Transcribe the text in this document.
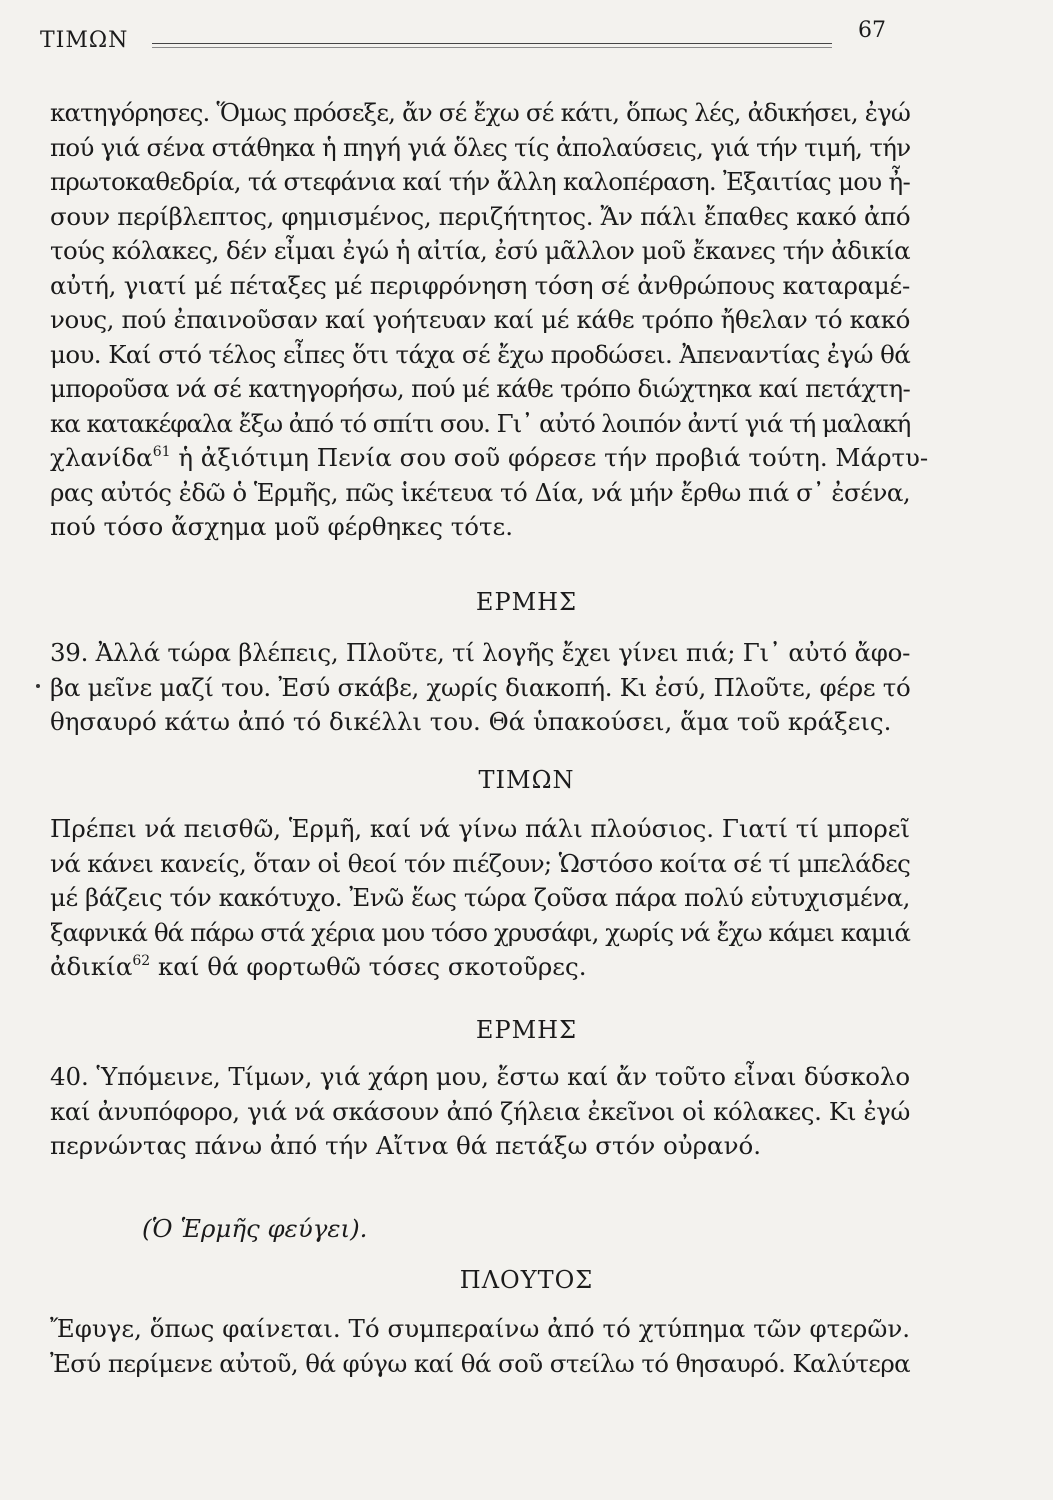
ΤΙΜΩΝ	67
κατηγόρησες. Ὅμως πρόσεξε, ἄν σέ ἔχω σέ κάτι, ὅπως λές, ἀδικήσει, ἐγώ
πού γιά σένα στάθηκα ἡ πηγή γιά ὅλες τίς ἀπολαύσεις, γιά τήν τιμή, τήν
πρωτοκαθεδρία, τά στεφάνια καί τήν ἄλλη καλοπέραση. Ἐξαιτίας μου ἦ-
σουν περίβλεπτος, φημισμένος, περιζήτητος. Ἄν πάλι ἔπαθες κακό ἀπό
τούς κόλακες, δέν εἶμαι ἐγώ ἡ αἰτία, ἐσύ μᾶλλον μοῦ ἔκανες τήν ἀδικία
αὐτή, γιατί μέ πέταξες μέ περιφρόνηση τόση σέ ἀνθρώπους καταραμέ-
νους, πού ἐπαινοῦσαν καί γοήτευαν καί μέ κάθε τρόπο ἤθελαν τό κακό
μου. Καί στό τέλος εἶπες ὅτι τάχα σέ ἔχω προδώσει. Ἀπεναντίας ἐγώ θά
μποροῦσα νά σέ κατηγορήσω, πού μέ κάθε τρόπο διώχτηκα καί πετάχτη-
κα κατακέφαλα ἔξω ἀπό τό σπίτι σου. Γι᾽ αὐτό λοιπόν ἀντί γιά τή μαλακή
χλανίδα$^{61}$ ἡ ἀξιότιμη Πενία σου σοῦ φόρεσε τήν προβιά τούτη. Μάρτυ-
ρας αὐτός ἐδῶ ὁ Ἑρμῆς, πῶς ἱκέτευα τό Δία, νά μήν ἔρθω πιά σ᾽ ἐσένα,
πού τόσο ἄσχημα μοῦ φέρθηκες τότε.
ΕΡΜΗΣ
39. Ἀλλά τώρα βλέπεις, Πλοῦτε, τί λογῆς ἔχει γίνει πιά; Γι᾽ αὐτό ἄφο-
βα μεῖνε μαζί του. Ἐσύ σκάβε, χωρίς διακοπή. Κι ἐσύ, Πλοῦτε, φέρε τό
θησαυρό κάτω ἀπό τό δικέλλι του. Θά ὑπακούσει, ἅμα τοῦ κράξεις.
ΤΙΜΩΝ
Πρέπει νά πεισθῶ, Ἑρμῆ, καί νά γίνω πάλι πλούσιος. Γιατί τί μπορεῖ
νά κάνει κανείς, ὅταν οἱ θεοί τόν πιέζουν; Ὡστόσο κοίτα σέ τί μπελάδες
μέ βάζεις τόν κακότυχο. Ἐνῶ ἕως τώρα ζοῦσα πάρα πολύ εὐτυχισμένα,
ξαφνικά θά πάρω στά χέρια μου τόσο χρυσάφι, χωρίς νά ἔχω κάμει καμιά
ἀδικία$^{62}$ καί θά φορτωθῶ τόσες σκοτοῦρες.
ΕΡΜΗΣ
40. Ὑπόμεινε, Τίμων, γιά χάρη μου, ἔστω καί ἄν τοῦτο εἶναι δύσκολο
καί ἀνυπόφορο, γιά νά σκάσουν ἀπό ζήλεια ἐκεῖνοι οἱ κόλακες. Κι ἐγώ
περνώντας πάνω ἀπό τήν Αἴτνα θά πετάξω στόν οὐρανό.
(Ὁ Ἑρμῆς φεύγει).
ΠΛΟΥΤΟΣ
Ἔφυγε, ὅπως φαίνεται. Τό συμπεραίνω ἀπό τό χτύπημα τῶν φτερῶν.
Ἐσύ περίμενε αὐτοῦ, θά φύγω καί θά σοῦ στείλω τό θησαυρό. Καλύτερα
